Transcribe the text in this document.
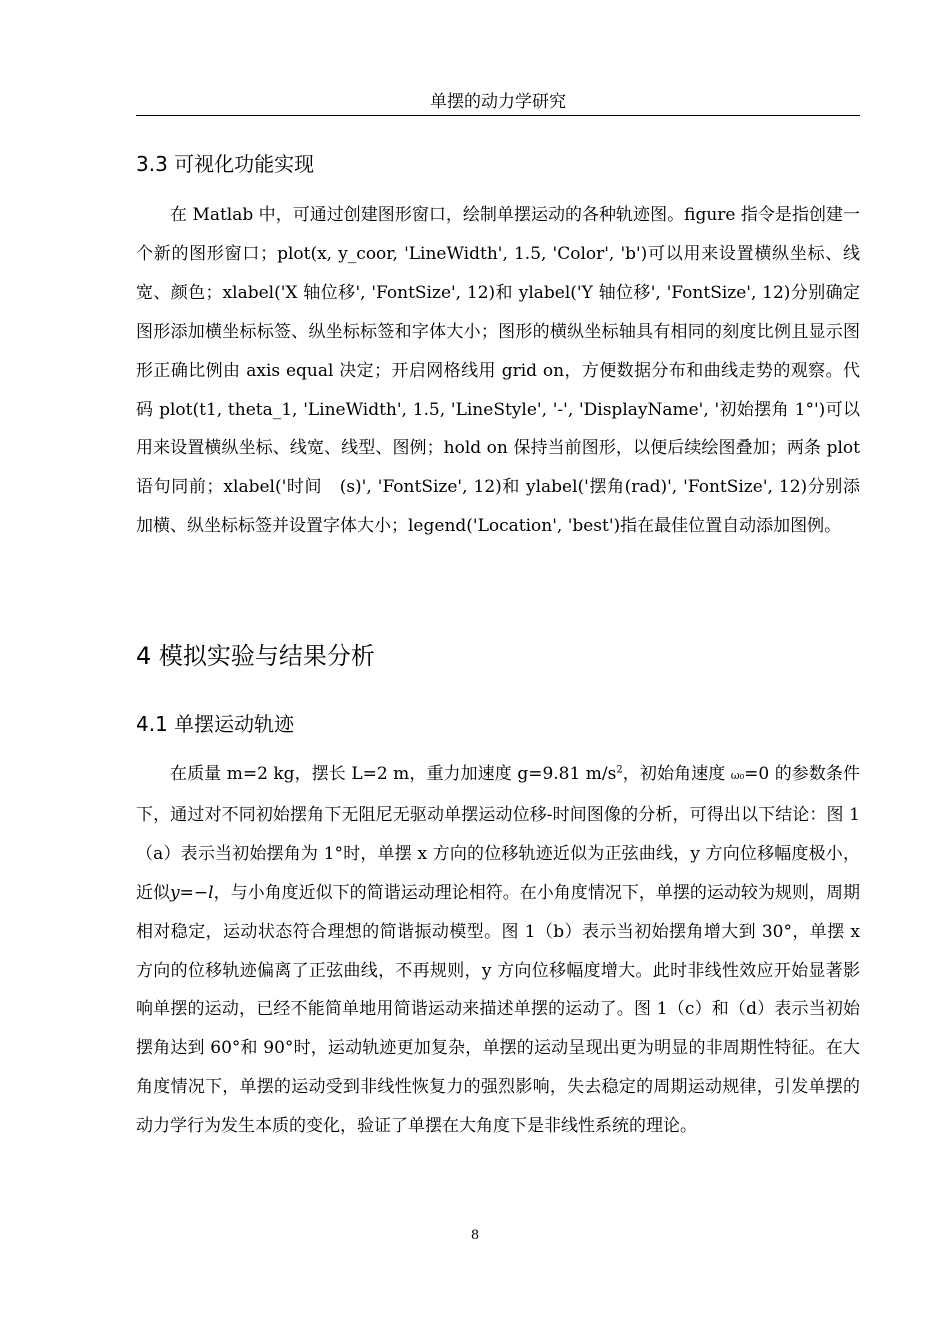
单摆的动力学研究
3.3 可视化功能实现

在 Matlab 中，可通过创建图形窗口，绘制单摆运动的各种轨迹图。figure 指令是指创建一个新的图形窗口；plot(x, y_coor, 'LineWidth', 1.5, 'Color', 'b')可以用来设置横纵坐标、线宽、颜色；xlabel('X 轴位移', 'FontSize', 12)和 ylabel('Y 轴位移', 'FontSize', 12)分别确定图形添加横坐标标签、纵坐标标签和字体大小；图形的横纵坐标轴具有相同的刻度比例且显示图形正确比例由 axis equal 决定；开启网格线用 grid on，方便数据分布和曲线走势的观察。代码 plot(t1, theta_1, 'LineWidth', 1.5, 'LineStyle', '-', 'DisplayName', '初始摆角 1°')可以用来设置横纵坐标、线宽、线型、图例；hold on 保持当前图形，以便后续绘图叠加；两条 plot 语句同前；xlabel('时间　(s)', 'FontSize', 12)和 ylabel('摆角(rad)', 'FontSize', 12)分别添加横、纵坐标标签并设置字体大小；legend('Location', 'best')指在最佳位置自动添加图例。

4 模拟实验与结果分析
4.1 单摆运动轨迹

在质量 m=2 kg，摆长 L=2 m，重力加速度 g=9.81 $m/s^2$，初始角速度 ω₀=0 的参数条件下，通过对不同初始摆角下无阻尼无驱动单摆运动位移-时间图像的分析，可得出以下结论：图 1（a）表示当初始摆角为 1°时，单摆 x 方向的位移轨迹近似为正弦曲线，y 方向位移幅度极小，近似y=−l，与小角度近似下的简谐运动理论相符。在小角度情况下，单摆的运动较为规则，周期相对稳定，运动状态符合理想的简谐振动模型。图 1（b）表示当初始摆角增大到 30°，单摆 x 方向的位移轨迹偏离了正弦曲线，不再规则，y 方向位移幅度增大。此时非线性效应开始显著影响单摆的运动，已经不能简单地用简谐运动来描述单摆的运动了。图 1（c）和（d）表示当初始摆角达到 60°和 90°时，运动轨迹更加复杂，单摆的运动呈现出更为明显的非周期性特征。在大角度情况下，单摆的运动受到非线性恢复力的强烈影响，失去稳定的周期运动规律，引发单摆的动力学行为发生本质的变化，验证了单摆在大角度下是非线性系统的理论。

8
